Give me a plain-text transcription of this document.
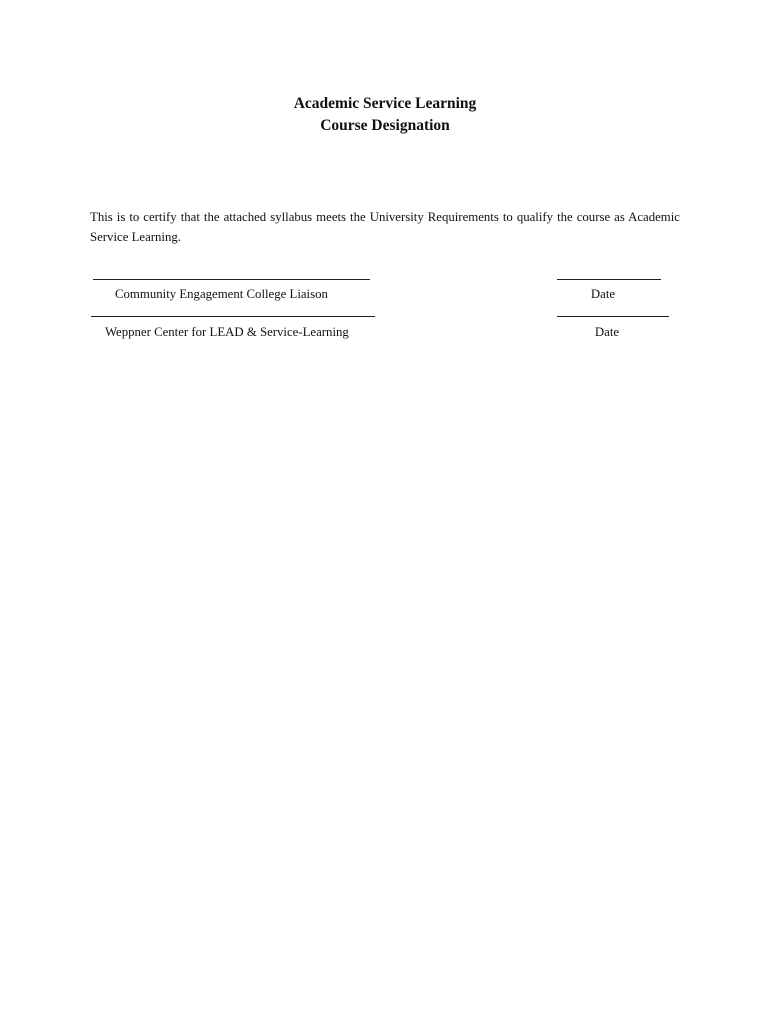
Academic Service Learning
Course Designation

This is to certify that the attached syllabus meets the University Requirements to qualify the course as Academic Service Learning.

Community Engagement College Liaison	Date
Weppner Center for LEAD & Service-Learning	Date
